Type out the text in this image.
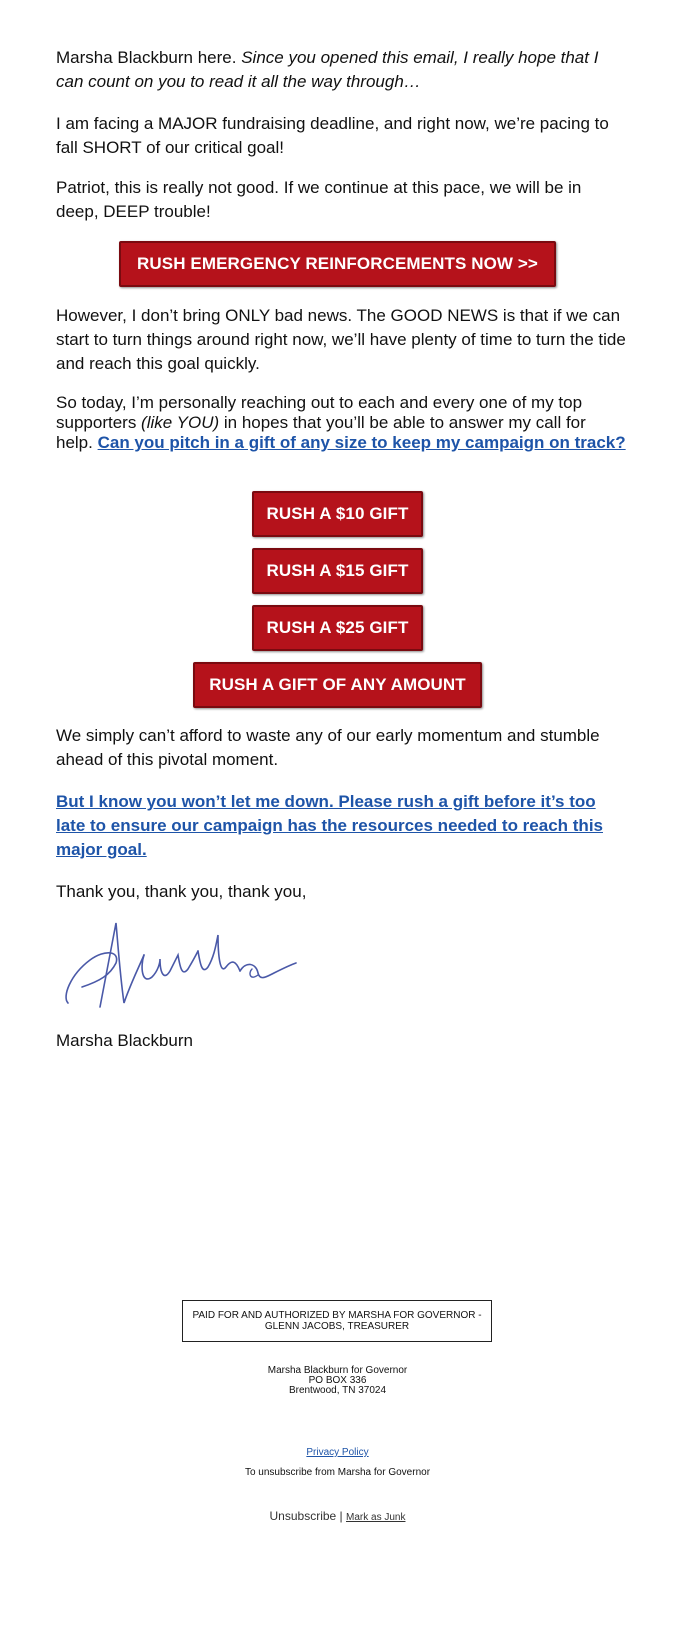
Marsha Blackburn here. Since you opened this email, I really hope that I can count on you to read it all the way through…

I am facing a MAJOR fundraising deadline, and right now, we’re pacing to fall SHORT of our critical goal!

Patriot, this is really not good. If we continue at this pace, we will be in deep, DEEP trouble!

However, I don’t bring ONLY bad news. The GOOD NEWS is that if we can start to turn things around right now, we’ll have plenty of time to turn the tide and reach this goal quickly.

So today, I’m personally reaching out to each and every one of my top supporters (like YOU) in hopes that you’ll be able to answer my call for help. Can you pitch in a gift of any size to keep my campaign on track?

We simply can’t afford to waste any of our early momentum and stumble ahead of this pivotal moment.

But I know you won’t let me down. Please rush a gift before it’s too late to ensure our campaign has the resources needed to reach this major goal.

Thank you, thank you, thank you,

RUSH EMERGENCY REINFORCEMENTS NOW >>
RUSH A $10 GIFT
RUSH A $15 GIFT
RUSH A $25 GIFT
RUSH A GIFT OF ANY AMOUNT
Marsha Blackburn
PAID FOR AND AUTHORIZED BY MARSHA FOR GOVERNOR -
GLENN JACOBS, TREASURER
Marsha Blackburn for Governor
PO BOX 336
Brentwood, TN 37024
Privacy Policy
To unsubscribe from Marsha for Governor
Unsubscribe | Mark as Junk
